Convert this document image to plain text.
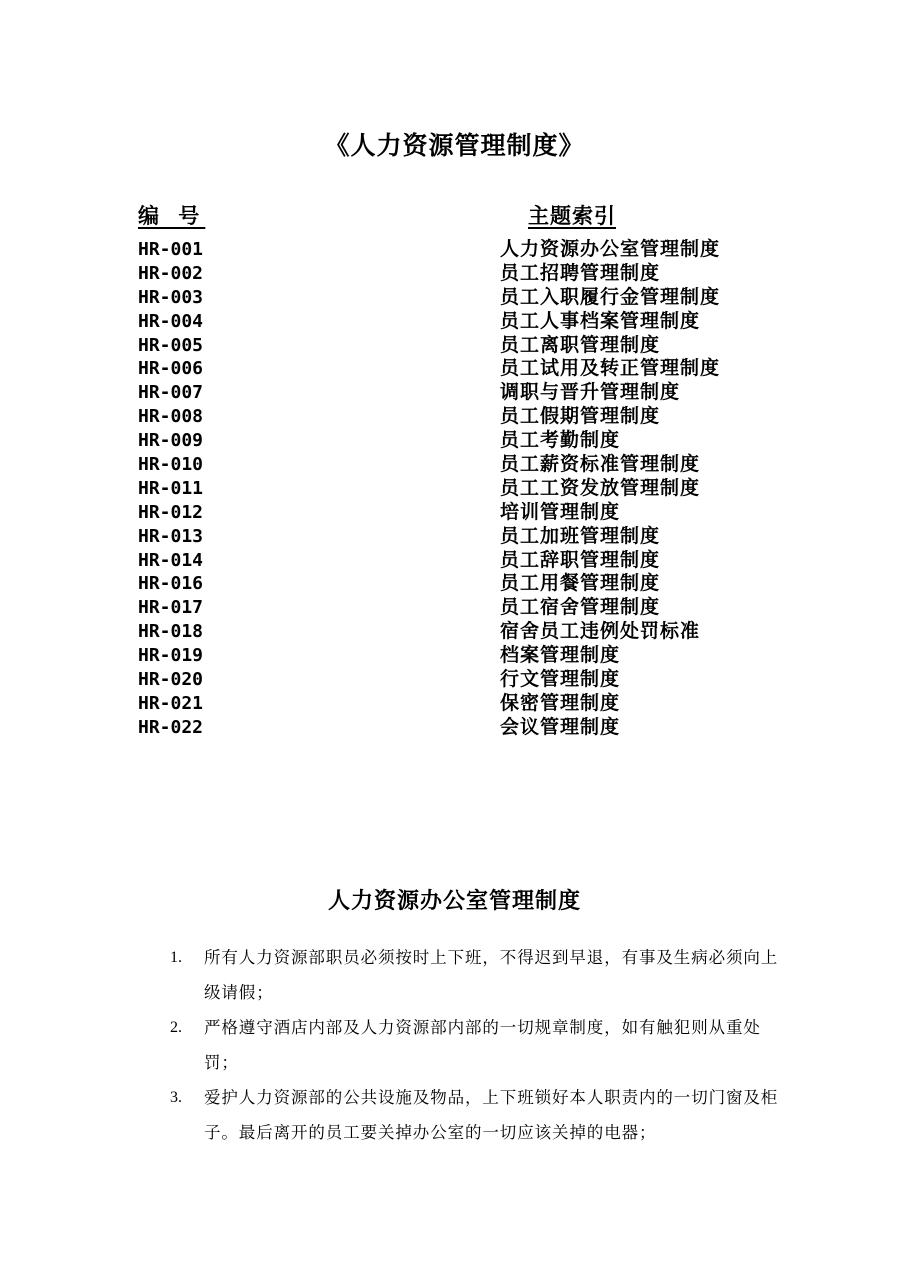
《人力资源管理制度》
编 号	主题索引
HR-001	人力资源办公室管理制度
HR-002	员工招聘管理制度
HR-003	员工入职履行金管理制度
HR-004	员工人事档案管理制度
HR-005	员工离职管理制度
HR-006	员工试用及转正管理制度
HR-007	调职与晋升管理制度
HR-008	员工假期管理制度
HR-009	员工考勤制度
HR-010	员工薪资标准管理制度
HR-011	员工工资发放管理制度
HR-012	培训管理制度
HR-013	员工加班管理制度
HR-014	员工辞职管理制度
HR-016	员工用餐管理制度
HR-017	员工宿舍管理制度
HR-018	宿舍员工违例处罚标准
HR-019	档案管理制度
HR-020	行文管理制度
HR-021	保密管理制度
HR-022	会议管理制度
人力资源办公室管理制度
1. 所有人力资源部职员必须按时上下班，不得迟到早退，有事及生病必须向上级请假；
2. 严格遵守酒店内部及人力资源部内部的一切规章制度，如有触犯则从重处罚；
3. 爱护人力资源部的公共设施及物品，上下班锁好本人职责内的一切门窗及柜子。最后离开的员工要关掉办公室的一切应该关掉的电器；
